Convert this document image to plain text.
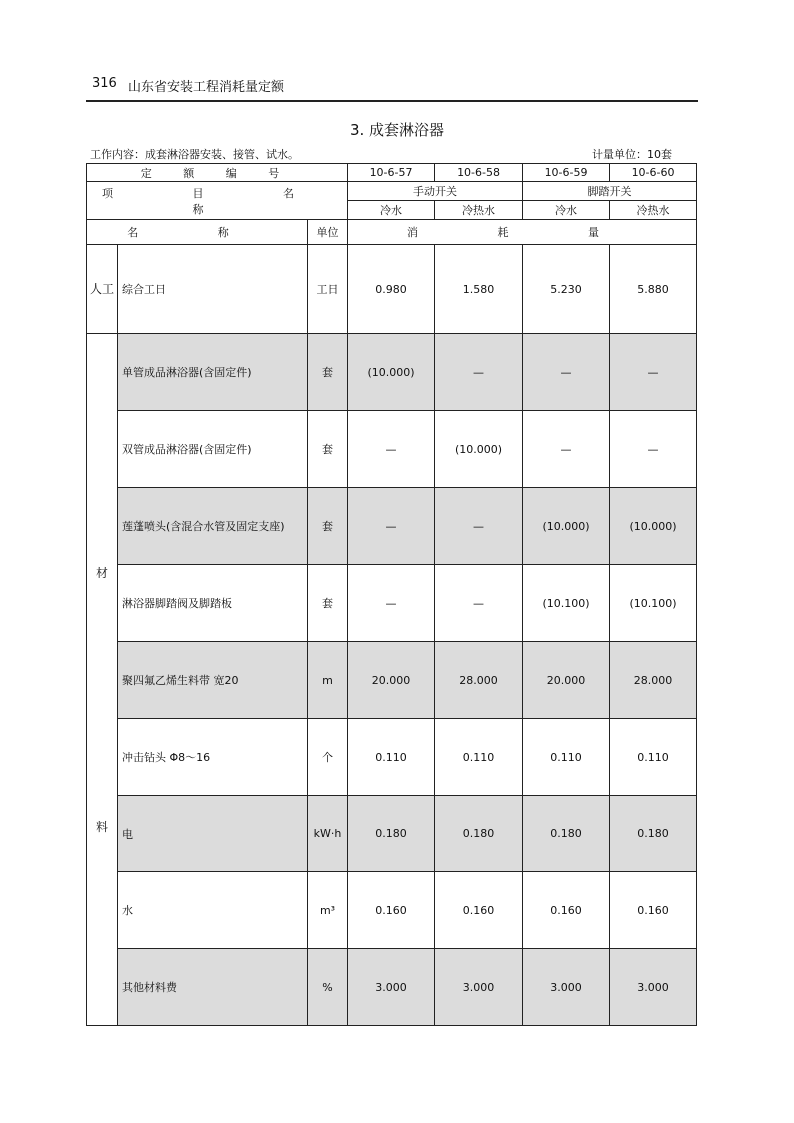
316 山东省安装工程消耗量定额
3. 成套淋浴器
工作内容：成套淋浴器安装、接管、试水。	计量单位：10套
定 额 编 号			10-6-57	10-6-58	10-6-59	10-6-60
项 目 名 称			手动开关		脚踏开关	
			冷水	冷热水	冷水	冷热水
名 称		单位	消 耗 量			
人工	综合工日	工日	0.980	1.580	5.230	5.880

材
料	单管成品淋浴器(含固定件)	套	(10.000)	—	—	—
	双管成品淋浴器(含固定件)	套	—	(10.000)	—	—
	莲蓬喷头(含混合水管及固定支座)	套	—	—	(10.000)	(10.000)
	淋浴器脚踏阀及脚踏板	套	—	—	(10.100)	(10.100)
	聚四氟乙烯生料带 宽20	m	20.000	28.000	20.000	28.000
	冲击钻头 Φ8～16	个	0.110	0.110	0.110	0.110
	电	kW·h	0.180	0.180	0.180	0.180
	水	m³	0.160	0.160	0.160	0.160
	其他材料费	%	3.000	3.000	3.000	3.000
